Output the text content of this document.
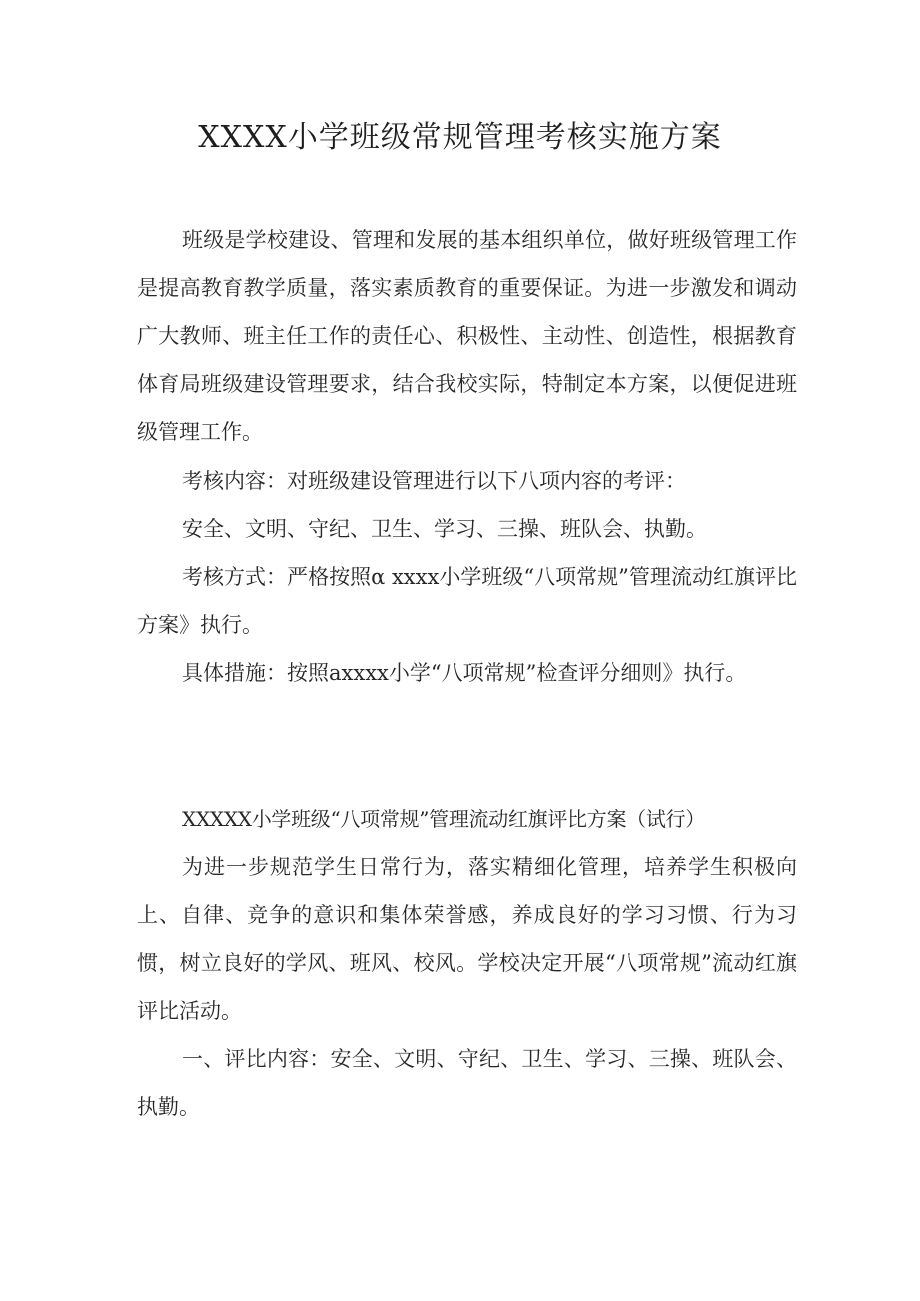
XXXX小学班级常规管理考核实施方案

班级是学校建设、管理和发展的基本组织单位，做好班级管理工作是提高教育教学质量，落实素质教育的重要保证。为进一步激发和调动广大教师、班主任工作的责任心、积极性、主动性、创造性，根据教育体育局班级建设管理要求，结合我校实际，特制定本方案，以便促进班级管理工作。

考核内容：对班级建设管理进行以下八项内容的考评：

安全、文明、守纪、卫生、学习、三操、班队会、执勤。

考核方式：严格按照α xxxx小学班级“八项常规”管理流动红旗评比方案》执行。

具体措施：按照axxxx小学“八项常规”检查评分细则》执行。

XXXXX小学班级“八项常规”管理流动红旗评比方案（试行）

为进一步规范学生日常行为，落实精细化管理，培养学生积极向上、自律、竞争的意识和集体荣誉感，养成良好的学习习惯、行为习惯，树立良好的学风、班风、校风。学校决定开展“八项常规”流动红旗评比活动。

一、评比内容：安全、文明、守纪、卫生、学习、三操、班队会、执勤。
